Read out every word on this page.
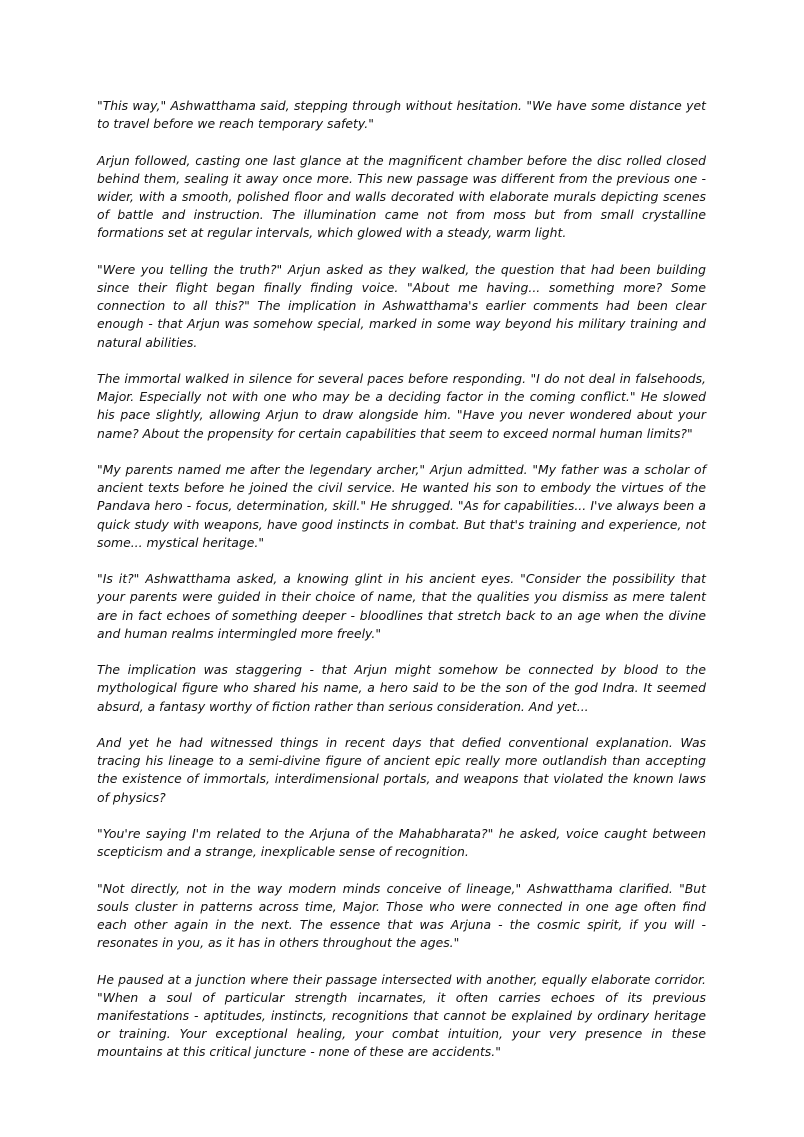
"This way," Ashwatthama said, stepping through without hesitation. "We have some distance yet to travel before we reach temporary safety."

Arjun followed, casting one last glance at the magnificent chamber before the disc rolled closed behind them, sealing it away once more. This new passage was different from the previous one - wider, with a smooth, polished floor and walls decorated with elaborate murals depicting scenes of battle and instruction. The illumination came not from moss but from small crystalline formations set at regular intervals, which glowed with a steady, warm light.

"Were you telling the truth?" Arjun asked as they walked, the question that had been building since their flight began finally finding voice. "About me having... something more? Some connection to all this?" The implication in Ashwatthama's earlier comments had been clear enough - that Arjun was somehow special, marked in some way beyond his military training and natural abilities.

The immortal walked in silence for several paces before responding. "I do not deal in falsehoods, Major. Especially not with one who may be a deciding factor in the coming conflict." He slowed his pace slightly, allowing Arjun to draw alongside him. "Have you never wondered about your name? About the propensity for certain capabilities that seem to exceed normal human limits?"

"My parents named me after the legendary archer," Arjun admitted. "My father was a scholar of ancient texts before he joined the civil service. He wanted his son to embody the virtues of the Pandava hero - focus, determination, skill." He shrugged. "As for capabilities... I've always been a quick study with weapons, have good instincts in combat. But that's training and experience, not some... mystical heritage."

"Is it?" Ashwatthama asked, a knowing glint in his ancient eyes. "Consider the possibility that your parents were guided in their choice of name, that the qualities you dismiss as mere talent are in fact echoes of something deeper - bloodlines that stretch back to an age when the divine and human realms intermingled more freely."

The implication was staggering - that Arjun might somehow be connected by blood to the mythological figure who shared his name, a hero said to be the son of the god Indra. It seemed absurd, a fantasy worthy of fiction rather than serious consideration. And yet...

And yet he had witnessed things in recent days that defied conventional explanation. Was tracing his lineage to a semi-divine figure of ancient epic really more outlandish than accepting the existence of immortals, interdimensional portals, and weapons that violated the known laws of physics?

"You're saying I'm related to the Arjuna of the Mahabharata?" he asked, voice caught between scepticism and a strange, inexplicable sense of recognition.

"Not directly, not in the way modern minds conceive of lineage," Ashwatthama clarified. "But souls cluster in patterns across time, Major. Those who were connected in one age often find each other again in the next. The essence that was Arjuna - the cosmic spirit, if you will - resonates in you, as it has in others throughout the ages."

He paused at a junction where their passage intersected with another, equally elaborate corridor. "When a soul of particular strength incarnates, it often carries echoes of its previous manifestations - aptitudes, instincts, recognitions that cannot be explained by ordinary heritage or training. Your exceptional healing, your combat intuition, your very presence in these mountains at this critical juncture - none of these are accidents."
